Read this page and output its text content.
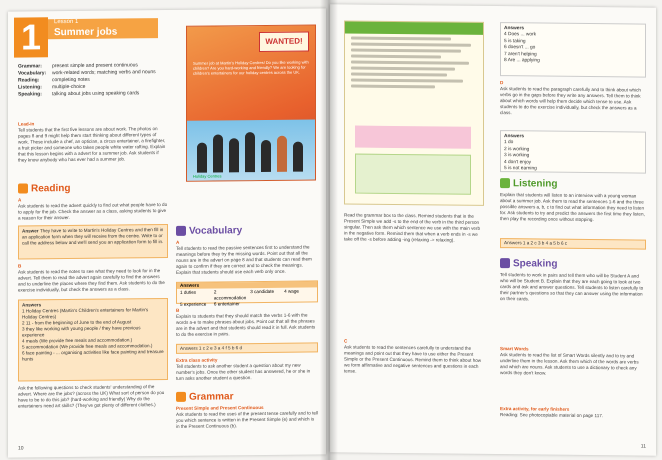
1	Lesson 1
Summer jobs
Grammar:	present simple and present continuous
Vocabulary:	work-related words; matching verbs and nouns
Reading:	completing notes
Listening:	multiple-choice
Speaking:	talking about jobs using speaking cards
Lead-in
Tell students that the first five lessons are about work. The photos on pages 8 and 9 might help them start thinking about different types of work. These include a chef, an optician, a circus entertainer, a firefighter, a fruit picker and someone who takes people white water rafting. Explain that this lesson begins with a advert for a summer job. Ask students if they know anybody who has ever had a summer job.
WANTED!
Summer job at Martin's Holiday Centres! Do you like working with children? Are you hard-working and friendly? We are looking for children's entertainers for our holiday centres across the UK.
Holiday Centres
Reading
A
Ask students to read the advert quickly to find out what people have to do to apply for the job. Check the answer as a class, asking students to give a reason for their answer.
Answer They have to write to Martin's Holiday Centres and then fill in an application form when they will receive from the centre. Write to or call the address below and we'll send you an application form to fill in.
B
Ask students to read the notes to see what they need to look for in the advert. Tell them to read the advert again carefully to find the answers and to underline the places where they find them. Ask students to do the exercise individually, but check the answers as a class.
Answers
1 Holiday Centres (Martin's Children's entertainers for Martin's Holiday Centres)
2 11 - from the beginning of June to the end of August
3 they like working with young people / they have previous experience
4 meals (We provide free meals and accommodation.)
5 accommodation (We provide free meals and accommodation.)
6 face painting - ... organising activities like face painting and treasure hunts
Ask the following questions to check students' understanding of the advert. Where are the jobs? (across the UK) What sort of person do you have to be to do this job? (hard-working and friendly) Why do the entertainers need art skills? (They've got plenty of different clothes.)
Vocabulary
A
Tell students to read the passive sentences first to understand the meanings before they try the missing words. Point out that all the nouns are in the advert on page 8 and that students can read them again to confirm if they are correct and to check the meanings. Explain that students should use each verb only once.
Answers
1 duties	2 accommodation
3 candidate	4 wage
5 experience	6 entertainer
B
Explain to students that they should match the verbs 1-6 with the words a-e to make phrases about jobs. Point out that all the phrases are in the advert and that students should read it in full. Ask students to do the exercise in pairs.
Answers 1 c 2 e 3 a 4 f 5 b 6 d
Extra class activity
Tell students to ask another student a question about my new number's jobs. Once the other student has answered, he or she in turn asks another student a question.
Grammar
Present Simple and Present Continuous
Ask students to read the uses of the present tense carefully and to tell you which sentence is written in the Present Simple (e) and which is in the Present Continuous (b).
10
Answers
4 Does ... work
5 is taking
6 doesn't ... go
7 aren't helping
8 Are ... applying
D
Ask students to read the paragraph carefully and to think about which verbs go in the gaps before they write any answers. Tell them to think about which words will help them decide which tense to use. Ask students to do the exercise individually, but check the answers as a class.
Answers
1 do
2 is working
3 is working
4 don't enjoy
5 is not earning
Read the grammar box to the class. Remind students that in the Present Simple we add -s to the end of the verb in the third person singular. Then ask them which sentence we use with the main verb in the negative form. Remind them that when a verb ends in -s we take off the -s before adding -ing (relaxing -> relaxing).
C
Ask students to read the sentences carefully to understand the meanings and point out that they have to use either the Present Simple or the Present Continuous. Remind them to think about how we form affirmative and negative sentences and questions in each tense.
Listening
Explain that students will listen to an interview with a young woman about a summer job. Ask them to read the sentences 1-6 and the three possible answers a, b, c to find out what information they need to listen for. Ask students to try and predict the answers the first time they listen, then play the recording once without stopping.
Answers 1 a 2 c 3 b 4 a 5 b 6 c
Speaking
Tell students to work in pairs and tell them who will be Student A and who will be Student B. Explain that they are each going to look at two cards and ask and answer questions. Tell students to listen carefully to their partner's questions so that they can answer using the information on their cards.
Smart Words
Ask students to read the list of Smart Words silently and to try and underline them in the lesson. Ask them which of the words are verbs and which are nouns. Ask students to use a dictionary to check any words they don't know.
Extra activity, for early finishers
Reading: See photocopiable material on page 117.
11
